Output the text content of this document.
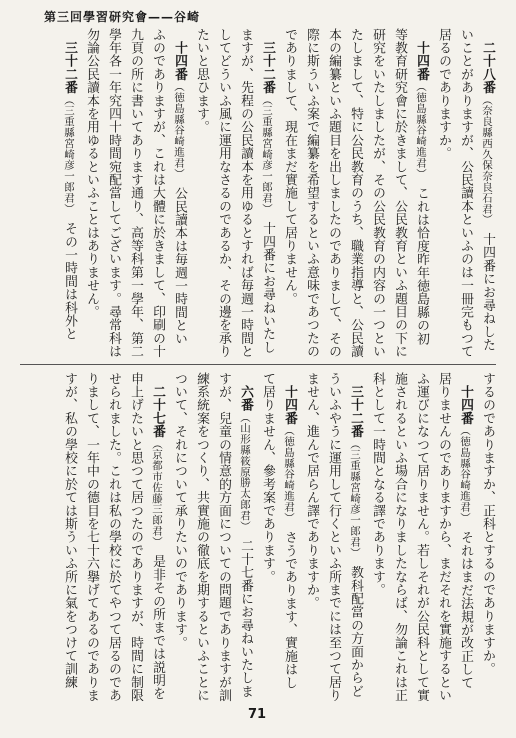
第三回學習研究會——谷崎

　二十八番（奈良縣西久保奈良石君）　十四番にお尋ねしたいことがありますが、公民讀本といふのは一冊完もつて居るのでありますか。

　十四番（徳島縣谷崎進君）　これは恰度昨年徳島縣の初等教育研究會に於きまして、公民教育といふ題目の下に研究をいたしましたが、その公民教育の内容の一つといたしまして、特に公民教育のうち、職業指導と、公民讀本の編纂といふ題目を出しましたのでありまして、その際に斯ういふ案で編纂を希望するといふ意味であつたのでありまして、現在まだ實施して居りません。

　三十二番（三重縣宮崎彦一郎君）　十四番にお尋ねいたしますが、先程の公民讀本を用ゆるとすれば毎週一時間としてどういふ風に運用なさるのであるか、その邊を承りたいと思ひます。

　十四番（徳島縣谷崎進君）　公民讀本は毎週一時間といふのでありますが、これは大體に於きまして、印刷の十九頁の所に書いてあります通り、高等科第一學年、第二學年各一年究四十時間宛配當してございます。尋常科は勿論公民讀本を用ゆるといふことはありません。

　三十二番（三重縣宮崎彦一郎君）　その一時間は科外と

するのでありますか、正科とするのでありますか。

　十四番（徳島縣谷崎進君）　それはまだ法規が改正して居りませんのでありますから、まだそれを實施するといふ運びになつて居りません。若しそれが公民科として實施されるといふ場合になりましたならば、勿論これは正科として一時間となる譯であります。

　三十二番（三重縣宮崎彦一郎君）　教科配當の方面からどういふやうに運用して行くといふ所までには至つて居りません、進んで居らん譯でありますか。

　十四番（徳島縣谷崎進君）　さうであります、實施はして居りません、參考案であります。

　六番（山形縣筱原勝太郎君）　二十七番にお尋ねいたしますが、兒童の情意的方面についての問題でありますが訓練系統案をつくり、共實施の徹底を期するといふことについて、それについて承りたいのであります。

　二十七番（京都市佐藤三郎君）　是非その所までは説明を申上げたいと思つて居つたのでありますが、時間に制限せられました。これは私の學校に於てやつて居るのでありまして、一年中の德目を七十六擧げてあるのでありますが、私の學校に於ては斯ういふ所に氣をつけて訓練

71
